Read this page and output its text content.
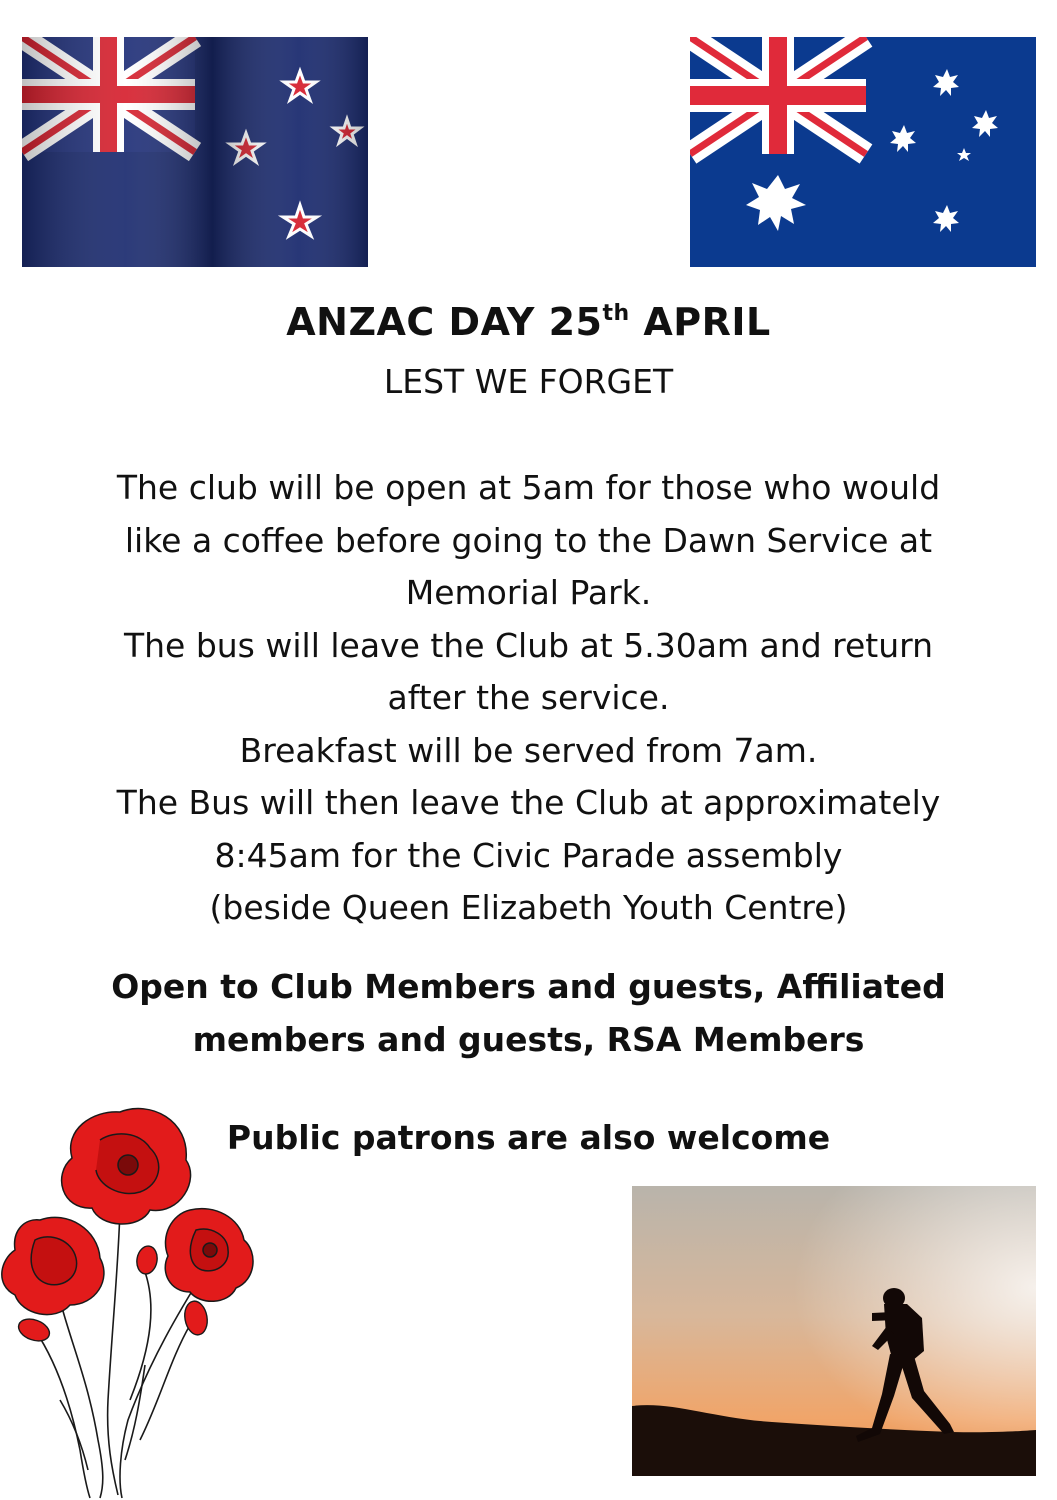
ANZAC DAY 25th APRIL
LEST WE FORGET
The club will be open at 5am for those who would
like a coffee before going to the Dawn Service at
Memorial Park.
The bus will leave the Club at 5.30am and return
after the service.
Breakfast will be served from 7am.
The Bus will then leave the Club at approximately
8:45am for the Civic Parade assembly
(beside Queen Elizabeth Youth Centre)
Open to Club Members and guests, Affiliated
members and guests, RSA Members
Public patrons are also welcome
